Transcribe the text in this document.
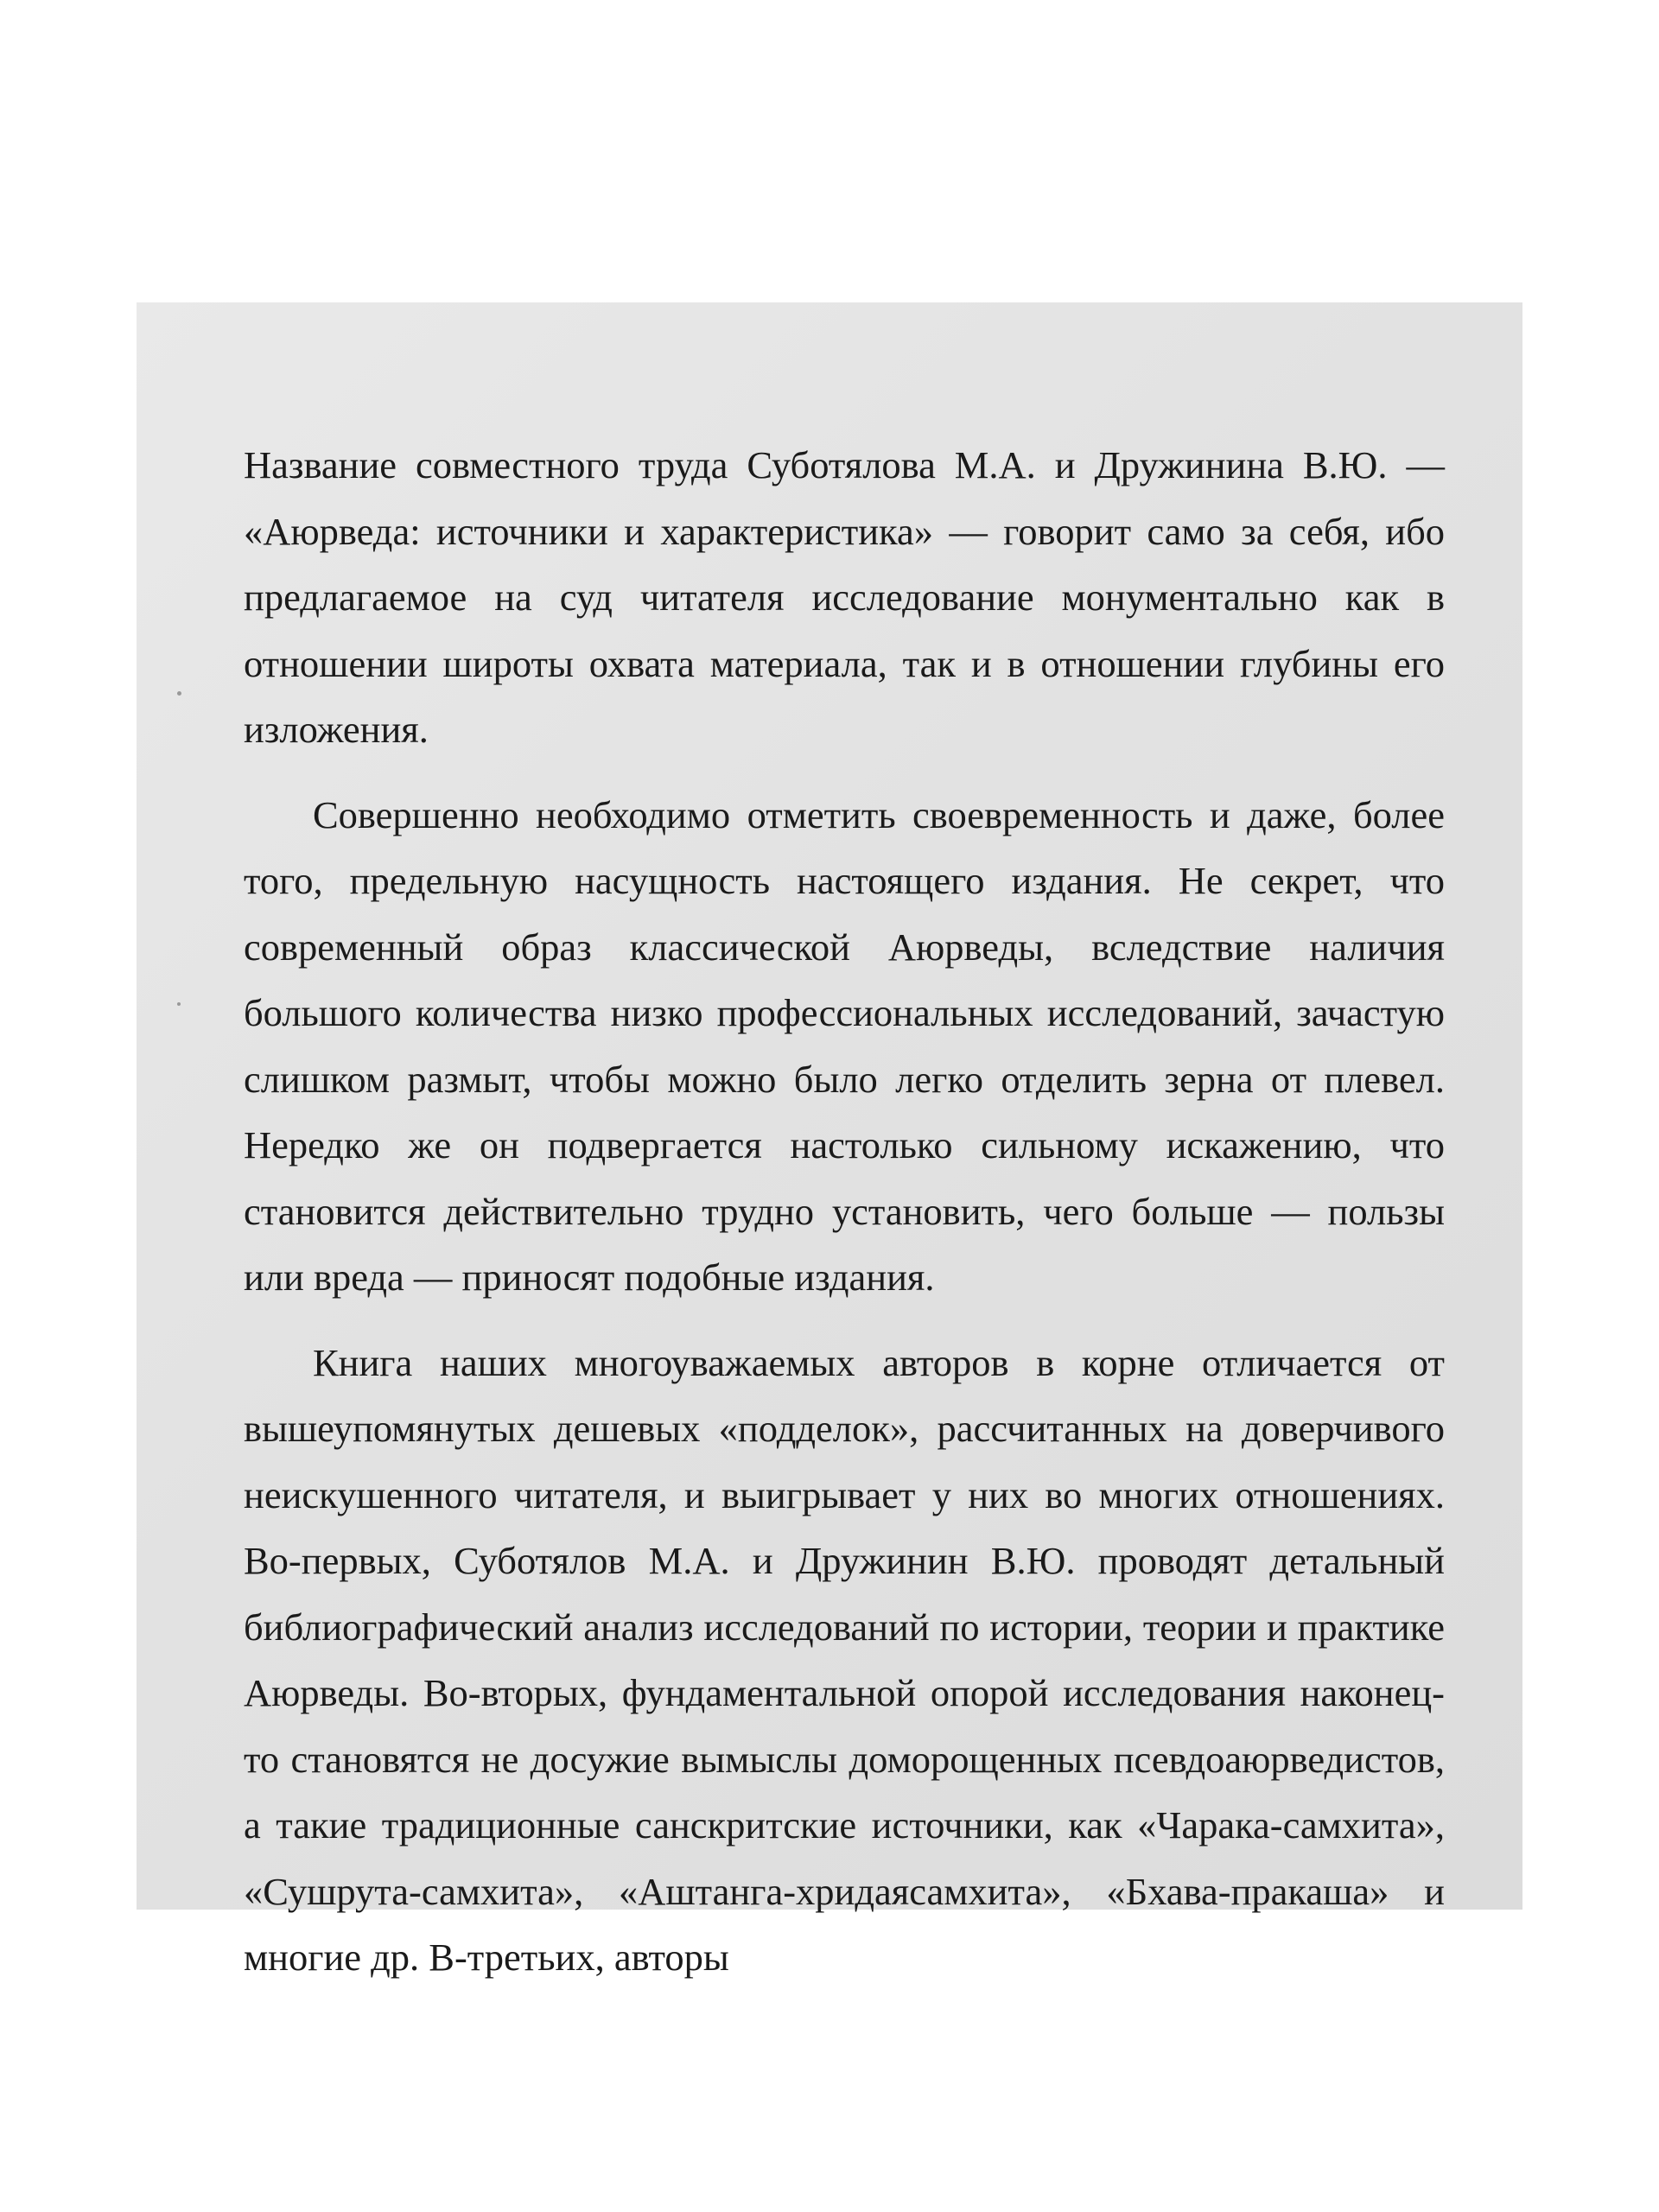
Название совместного труда Суботялова М.А. и Дружинина В.Ю. — «Аюрведа: источники и характеристика» — говорит само за себя, ибо предлагаемое на суд читателя исследование монументально как в отношении широты охвата материала, так и в отношении глубины его изложения.

Совершенно необходимо отметить своевременность и даже, более того, предельную насущность настоящего издания. Не секрет, что современный образ классической Аюрведы, вследствие наличия большого количества низко профессиональных исследований, зачастую слишком размыт, чтобы можно было легко отделить зерна от плевел. Нередко же он подвергается настолько сильному искажению, что становится действительно трудно установить, чего больше — пользы или вреда — приносят подобные издания.

Книга наших многоуважаемых авторов в корне отличается от вышеупомянутых дешевых «подделок», рассчитанных на доверчивого неискушенного читателя, и выигрывает у них во многих отношениях. Во-первых, Суботялов М.А. и Дружинин В.Ю. проводят детальный библиографический анализ исследований по истории, теории и практике Аюрведы. Во-вторых, фундаментальной опорой исследования наконец-то становятся не досужие вымыслы доморощенных псевдоаюрведистов, а такие традиционные санскритские источники, как «Чарака-самхита», «Сушрута-самхита», «Аштанга-хридаясамхита», «Бхава-пракаша» и многие др. В-третьих, авторы
